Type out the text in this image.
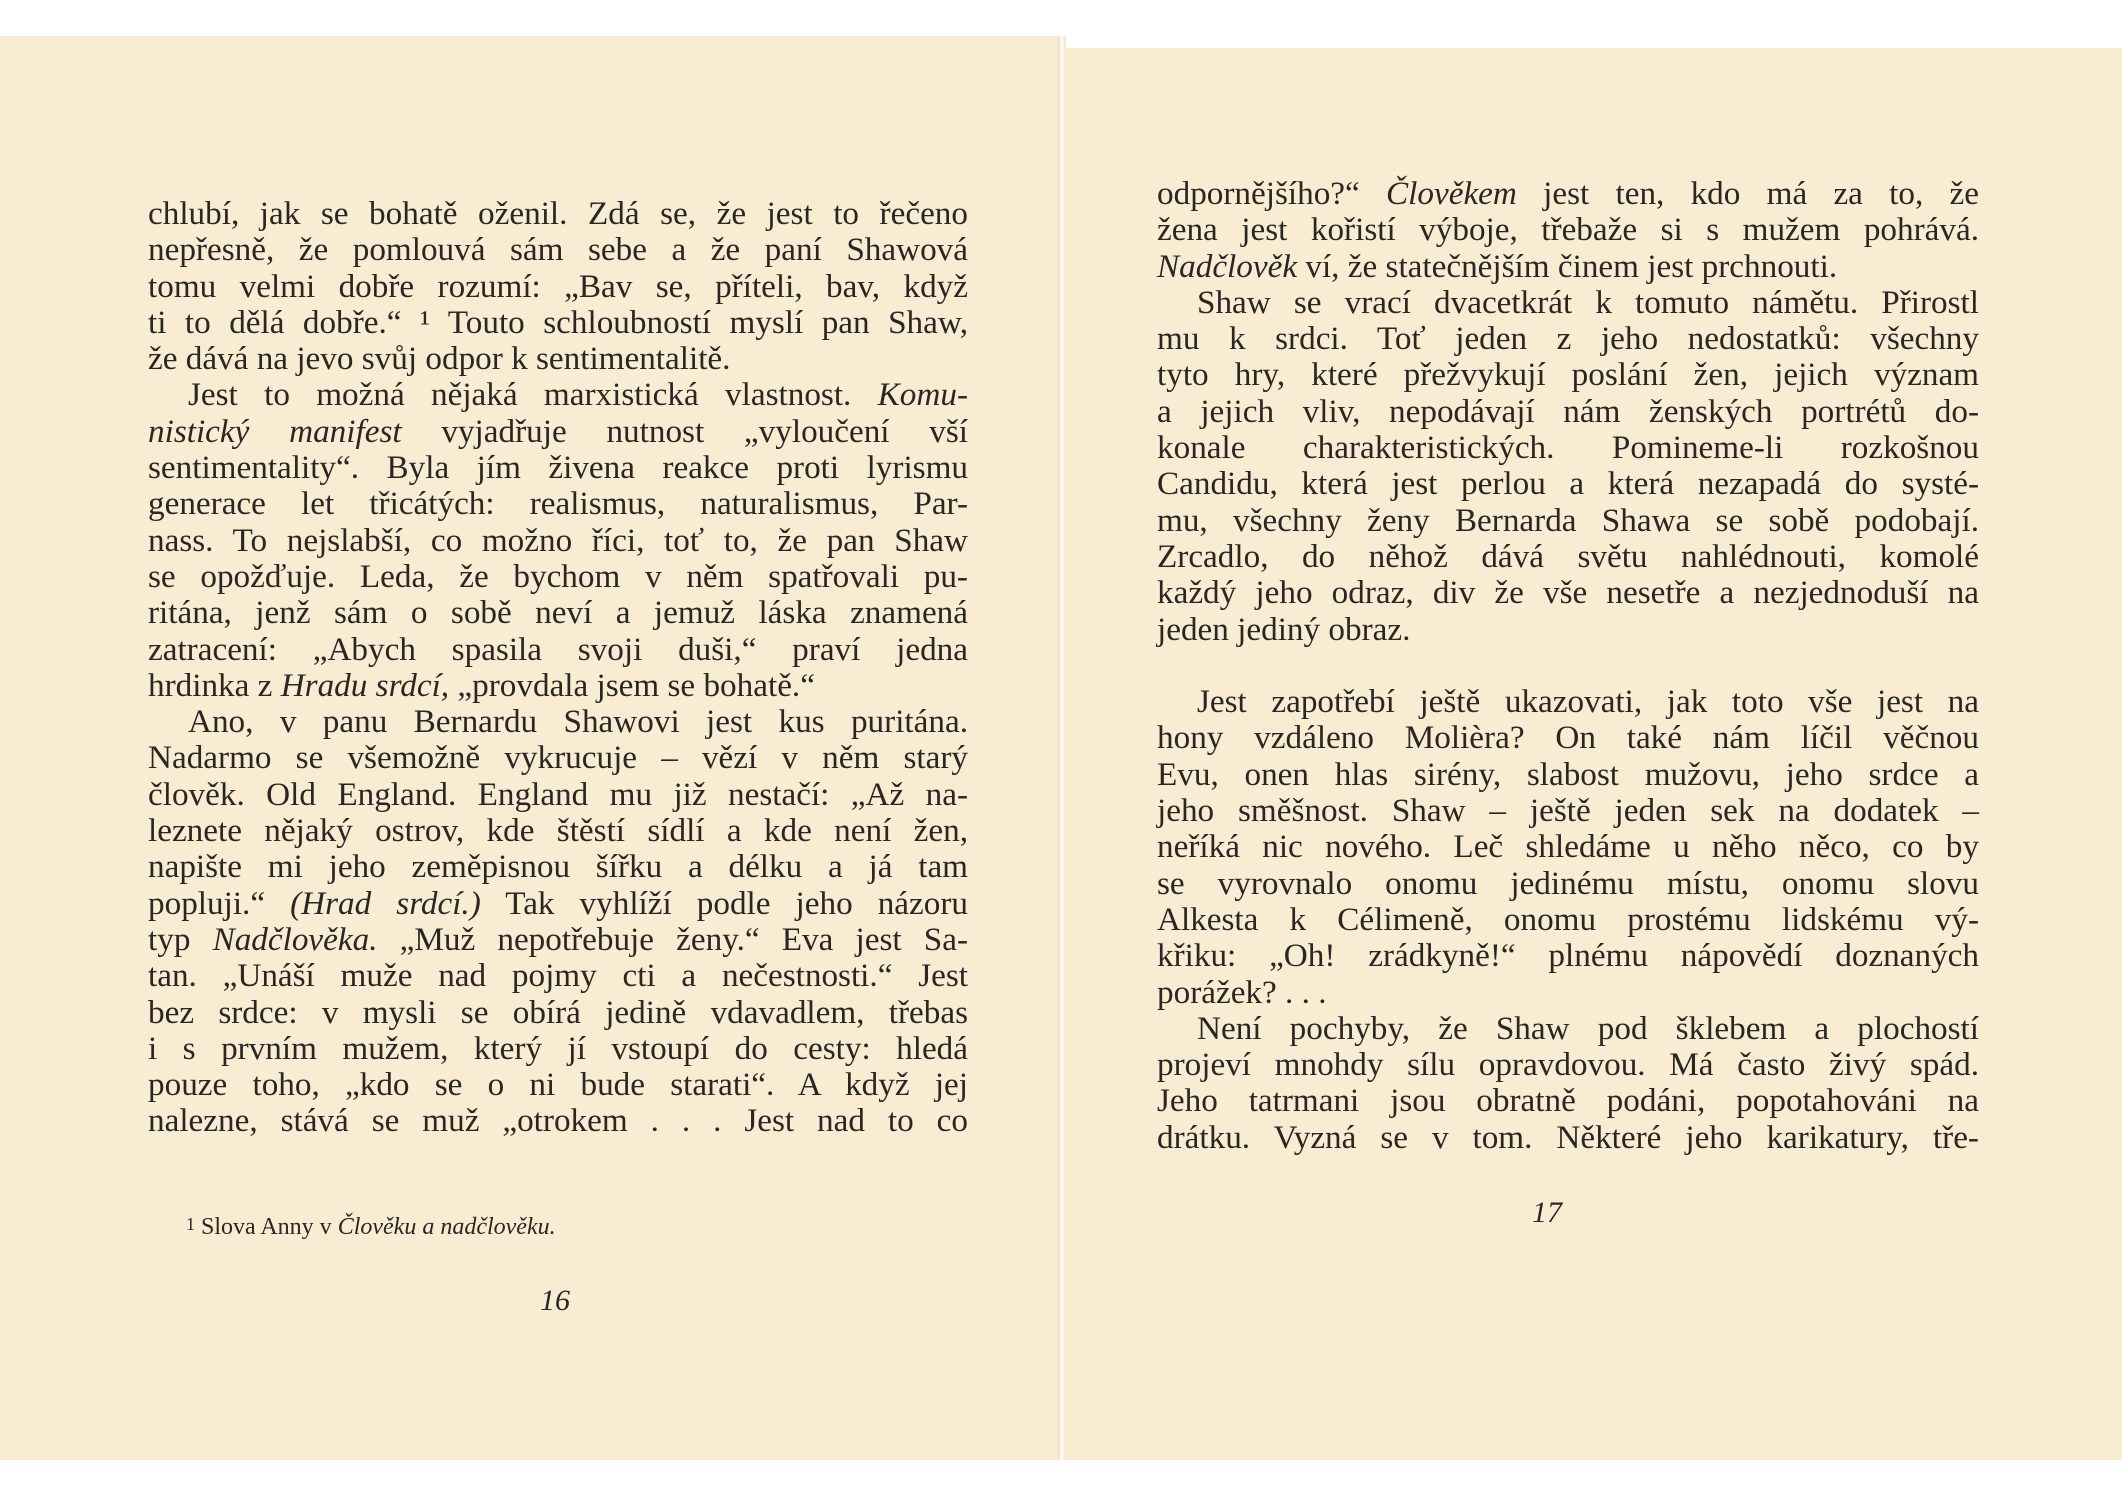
chlubí, jak se bohatě oženil. Zdá se, že jest to řečeno
nepřesně, že pomlouvá sám sebe a že paní Shawová
tomu velmi dobře rozumí: „Bav se, příteli, bav, když
ti to dělá dobře.“ ¹ Touto schloubností myslí pan Shaw,
že dává na jevo svůj odpor k sentimentalitě.
Jest to možná nějaká marxistická vlastnost. Komu-
nistický manifest vyjadřuje nutnost „vyloučení vší
sentimentality“. Byla jím živena reakce proti lyrismu
generace let třicátých: realismus, naturalismus, Par-
nass. To nejslabší, co možno říci, toť to, že pan Shaw
se opožďuje. Leda, že bychom v něm spatřovali pu-
ritána, jenž sám o sobě neví a jemuž láska znamená
zatracení: „Abych spasila svoji duši,“ praví jedna
hrdinka z Hradu srdcí, „provdala jsem se bohatě.“
Ano, v panu Bernardu Shawovi jest kus puritána.
Nadarmo se všemožně vykrucuje – vězí v něm starý
člověk. Old England. England mu již nestačí: „Až na-
leznete nějaký ostrov, kde štěstí sídlí a kde není žen,
napište mi jeho zeměpisnou šířku a délku a já tam
popluji.“ (Hrad srdcí.) Tak vyhlíží podle jeho názoru
typ Nadčlověka. „Muž nepotřebuje ženy.“ Eva jest Sa-
tan. „Unáší muže nad pojmy cti a nečestnosti.“ Jest
bez srdce: v mysli se obírá jedině vdavadlem, třebas
i s prvním mužem, který jí vstoupí do cesty: hledá
pouze toho, „kdo se o ni bude starati“. A když jej
nalezne, stává se muž „otrokem . . . Jest nad to co
$^1$ Slova Anny v Člověku a nadčlověku.
16
odpornějšího?“ Člověkem jest ten, kdo má za to, že
žena jest kořistí výboje, třebaže si s mužem pohrává.
Nadčlověk ví, že statečnějším činem jest prchnouti.
Shaw se vrací dvacetkrát k tomuto námětu. Přirostl
mu k srdci. Toť jeden z jeho nedostatků: všechny
tyto hry, které přežvykují poslání žen, jejich význam
a jejich vliv, nepodávají nám ženských portrétů do-
konale charakteristických. Pomineme-li rozkošnou
Candidu, která jest perlou a která nezapadá do systé-
mu, všechny ženy Bernarda Shawa se sobě podobají.
Zrcadlo, do něhož dává světu nahlédnouti, komolé
každý jeho odraz, div že vše nesetře a nezjednoduší na
jeden jediný obraz.
Jest zapotřebí ještě ukazovati, jak toto vše jest na
hony vzdáleno Molièra? On také nám líčil věčnou
Evu, onen hlas sirény, slabost mužovu, jeho srdce a
jeho směšnost. Shaw – ještě jeden sek na dodatek –
neříká nic nového. Leč shledáme u něho něco, co by
se vyrovnalo onomu jedinému místu, onomu slovu
Alkesta k Célimeně, onomu prostému lidskému vý-
křiku: „Oh! zrádkyně!“ plnému nápovědí doznaných
porážek? . . .
Není pochyby, že Shaw pod šklebem a plochostí
projeví mnohdy sílu opravdovou. Má často živý spád.
Jeho tatrmani jsou obratně podáni, popotahováni na
drátku. Vyzná se v tom. Některé jeho karikatury, tře-
17
